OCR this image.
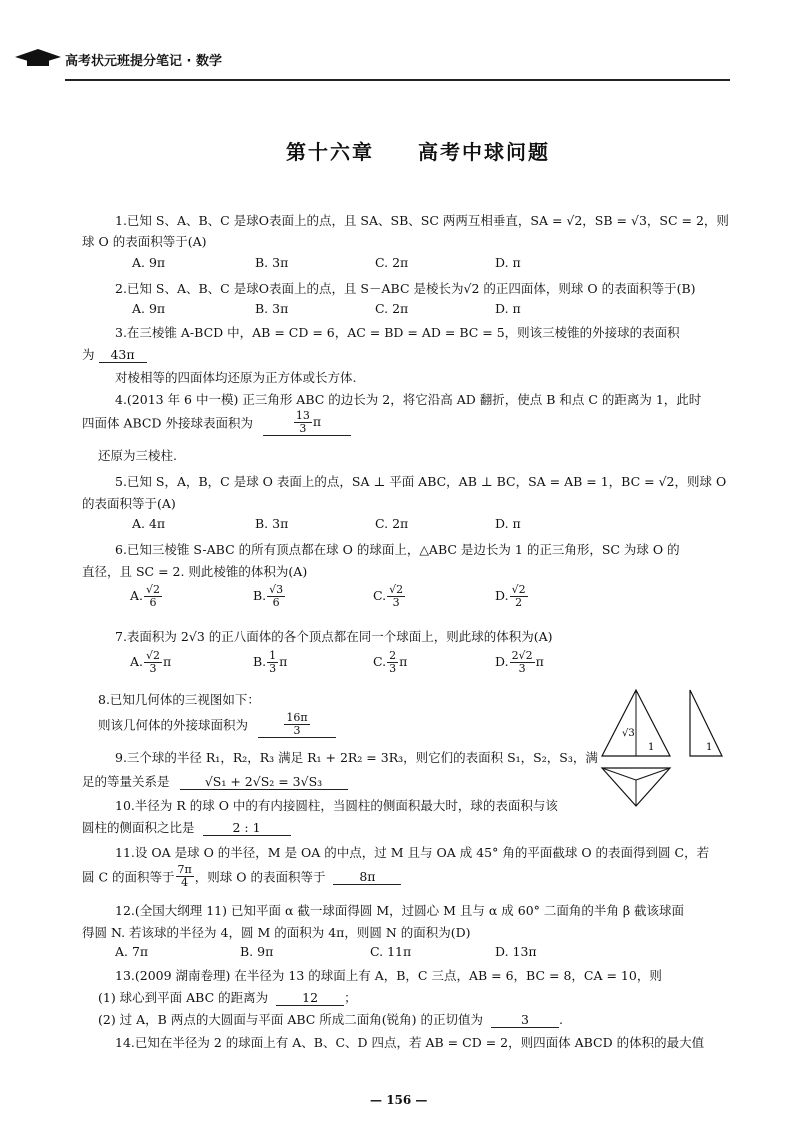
高考状元班提分笔记 · 数学
第十六章　　高考中球问题
1.已知 S、A、B、C 是球O表面上的点，且 SA、SB、SC 两两互相垂直，SA = √2，SB = √3，SC = 2，则
球 O 的表面积等于(A)
A. 9π	B. 3π	C. 2π	D. π
2.已知 S、A、B、C 是球O表面上的点，且 S－ABC 是棱长为√2 的正四面体，则球 O 的表面积等于(B)
A. 9π	B. 3π	C. 2π	D. π
3.在三棱锥 A-BCD 中，AB = CD = 6，AC = BD = AD = BC = 5，则该三棱锥的外接球的表面积
为 43π
对棱相等的四面体均还原为正方体或长方体.
4.(2013 年 6 中一模) 正三角形 ABC 的边长为 2，将它沿高 AD 翻折，使点 B 和点 C 的距离为 1，此时
四面体 ABCD 外接球表面积为	$\frac{13}{3}$ π
还原为三棱柱.
5.已知 S，A，B，C 是球 O 表面上的点，SA ⊥ 平面 ABC，AB ⊥ BC，SA = AB = 1，BC = √2，则球 O
的表面积等于(A)
A. 4π	B. 3π	C. 2π	D. π
6.已知三棱锥 S-ABC 的所有顶点都在球 O 的球面上，△ABC 是边长为 1 的正三角形，SC 为球 O 的
直径，且 SC = 2. 则此棱锥的体积为(A)
A. $\frac{√2}{6}$	B. $\frac{√3}{6}$	C. $\frac{√2}{3}$	D. $\frac{√2}{2}$
7.表面积为 2√3 的正八面体的各个顶点都在同一个球面上，则此球的体积为(A)
A. $\frac{√2}{3}$ π	B. $\frac{1}{3}$ π	C. $\frac{2}{3}$ π	D. $\frac{2√2}{3}$ π
8.已知几何体的三视图如下：
则该几何体的外接球面积为	$\frac{16\pi}{3}$	√3
1	1
9.三个球的半径 R₁，R₂，R₃ 满足 R₁ + 2R₂ = 3R₃，则它们的表面积 S₁，S₂，S₃，满
足的等量关系是	√S₁ + 2√S₂ = 3√S₃
10.半径为 R 的球 O 中的有内接圆柱，当圆柱的侧面积最大时，球的表面积与该
圆柱的侧面积之比是	2 : 1
11.设 OA 是球 O 的半径，M 是 OA 的中点，过 M 且与 OA 成 45° 角的平面截球 O 的表面得到圆 C，若
圆 C 的面积等于 $\frac{7\pi}{4}$ ，则球 O 的表面积等于	8π
12.(全国大纲理 11) 已知平面 α 截一球面得圆 M，过圆心 M 且与 α 成 60° 二面角的半角 β 截该球面
得圆 N. 若该球的半径为 4，圆 M 的面积为 4π，则圆 N 的面积为(D)
A. 7π	B. 9π	C. 11π	D. 13π
13.(2009 湖南卷理) 在半径为 13 的球面上有 A，B，C 三点，AB = 6，BC = 8，CA = 10，则
(1) 球心到平面 ABC 的距离为	12 ；
(2) 过 A，B 两点的大圆面与平面 ABC 所成二面角(锐角) 的正切值为	3 .
14.已知在半径为 2 的球面上有 A、B、C、D 四点，若 AB = CD = 2，则四面体 ABCD 的体积的最大值
— 156 —
